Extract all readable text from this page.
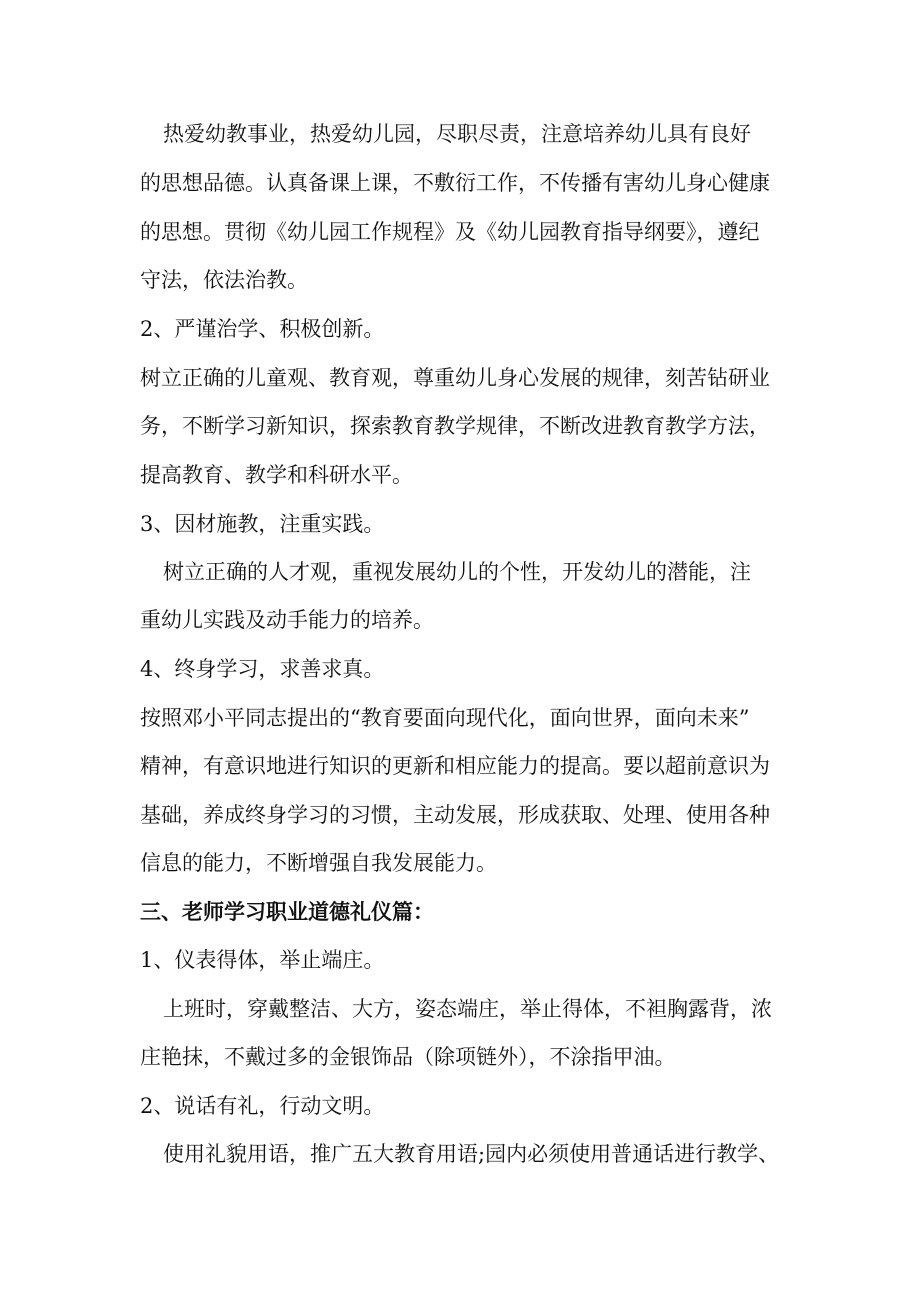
热爱幼教事业，热爱幼儿园，尽职尽责，注意培养幼儿具有良好
的思想品德。认真备课上课，不敷衍工作，不传播有害幼儿身心健康
的思想。贯彻《幼儿园工作规程》及《幼儿园教育指导纲要》，遵纪
守法，依法治教。
2、严谨治学、积极创新。
树立正确的儿童观、教育观，尊重幼儿身心发展的规律，刻苦钻研业
务，不断学习新知识，探索教育教学规律，不断改进教育教学方法，
提高教育、教学和科研水平。
3、因材施教，注重实践。
树立正确的人才观，重视发展幼儿的个性，开发幼儿的潜能，注
重幼儿实践及动手能力的培养。
4、终身学习，求善求真。
按照邓小平同志提出的“教育要面向现代化，面向世界，面向未来”
精神，有意识地进行知识的更新和相应能力的提高。要以超前意识为
基础，养成终身学习的习惯，主动发展，形成获取、处理、使用各种
信息的能力，不断增强自我发展能力。
三、老师学习职业道德礼仪篇：
1、仪表得体，举止端庄。
上班时，穿戴整洁、大方，姿态端庄，举止得体，不袒胸露背，浓
庄艳抹，不戴过多的金银饰品（除项链外），不涂指甲油。
2、说话有礼，行动文明。
使用礼貌用语，推广五大教育用语;园内必须使用普通话进行教学、
